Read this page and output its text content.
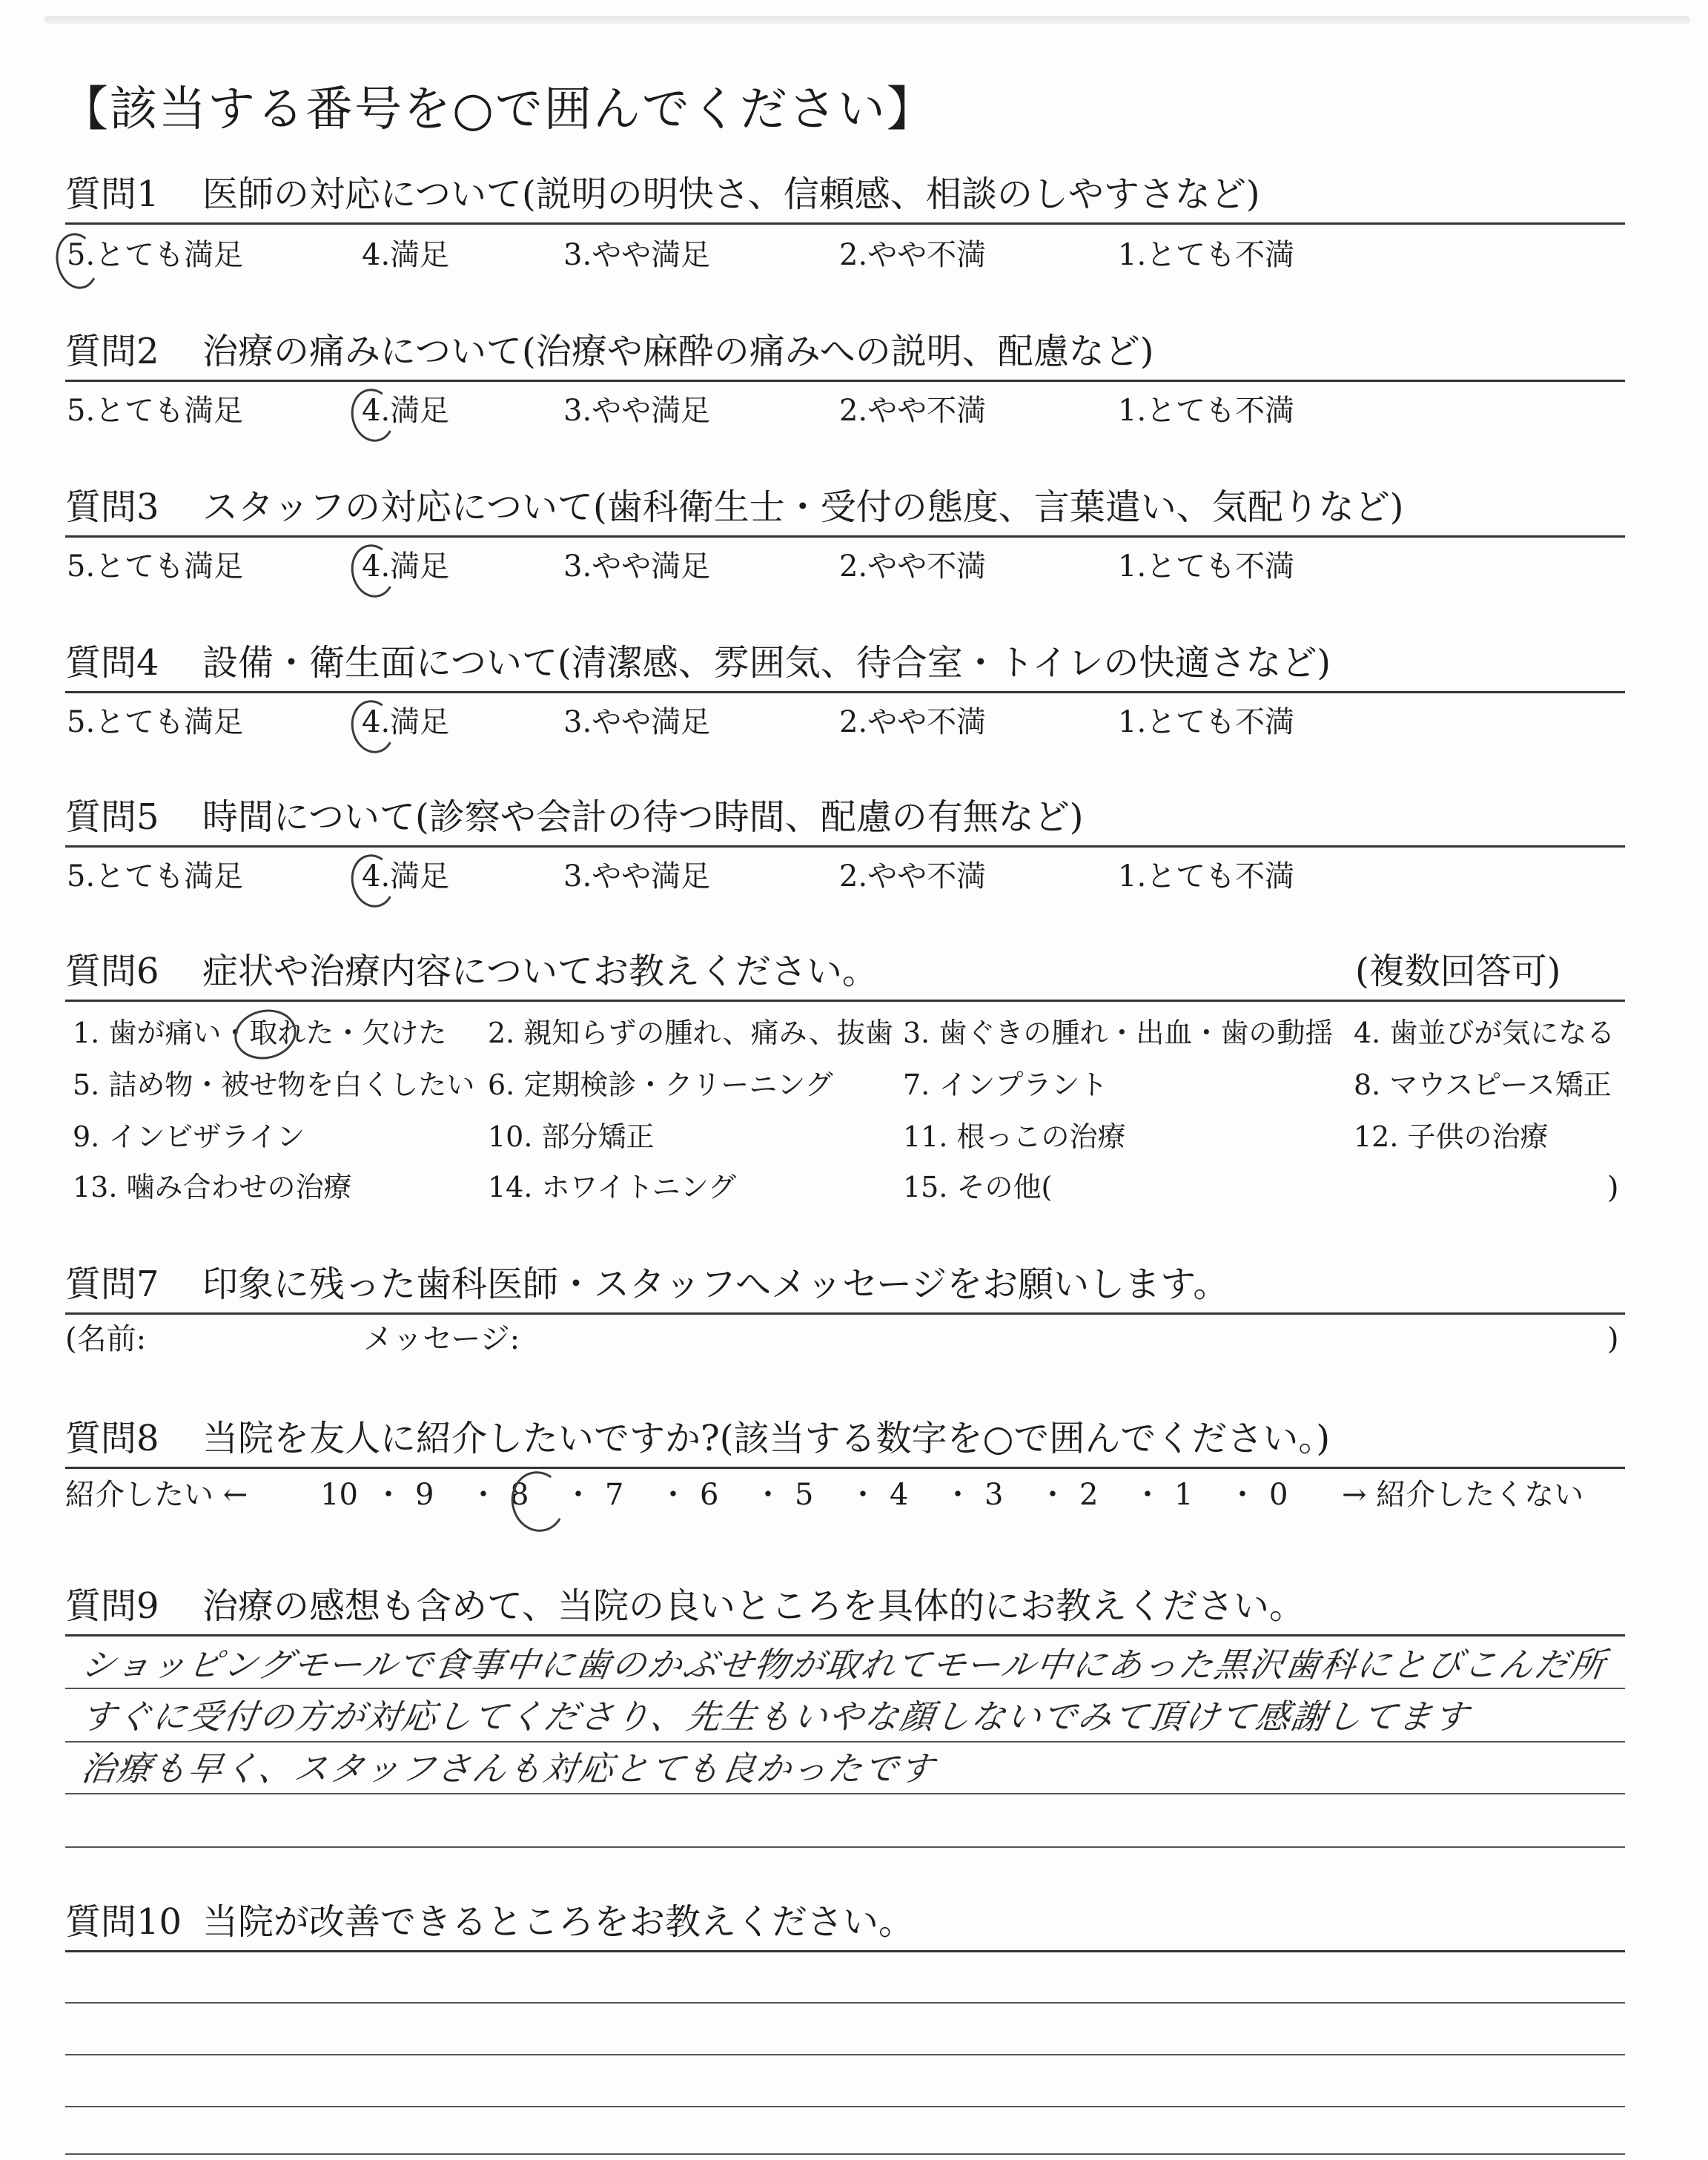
【該当する番号を○で囲んでください】
質問1 医師の対応について(説明の明快さ、信頼感、相談のしやすさなど)
5.とても満足	4.満足	3.やや満足	2.やや不満	1.とても不満
質問2 治療の痛みについて(治療や麻酔の痛みへの説明、配慮など)
5.とても満足	4.満足	3.やや満足	2.やや不満	1.とても不満
質問3 スタッフの対応について(歯科衛生士・受付の態度、言葉遣い、気配りなど)
5.とても満足	4.満足	3.やや満足	2.やや不満	1.とても不満
質問4 設備・衛生面について(清潔感、雰囲気、待合室・トイレの快適さなど)
5.とても満足	4.満足	3.やや満足	2.やや不満	1.とても不満
質問5 時間について(診察や会計の待つ時間、配慮の有無など)
5.とても満足	4.満足	3.やや満足	2.やや不満	1.とても不満
質問6 症状や治療内容についてお教えください。	(複数回答可)
1. 歯が痛い・取れた・欠けた 2. 親知らずの腫れ、痛み、抜歯 3. 歯ぐきの腫れ・出血・歯の動揺 4. 歯並びが気になる
5. 詰め物・被せ物を白くしたい 6. 定期検診・クリーニング 7. インプラント	8. マウスピース矯正
9. インビザライン	10. 部分矯正	11. 根っこの治療	12. 子供の治療
13. 噛み合わせの治療	14. ホワイトニング	15. その他(	)
質問7 印象に残った歯科医師・スタッフへメッセージをお願いします。
(名前:	メッセージ:	)
質問8 当院を友人に紹介したいですか?(該当する数字を○で囲んでください。)
紹介したい ← 10 ・ 9 ・ 8 ・ 7 ・ 6 ・ 5 ・ 4 ・ 3 ・ 2 ・ 1 ・ 0 → 紹介したくない
質問9 治療の感想も含めて、当院の良いところを具体的にお教えください。
ショッピングモールで食事中に歯のかぶせ物が取れてモール中にあった黒沢歯科にとびこんだ所
すぐに受付の方が対応してくださり、先生もいやな顔しないでみて頂けて感謝してます
治療も早く、スタッフさんも対応とても良かったです
質問10 当院が改善できるところをお教えください。
